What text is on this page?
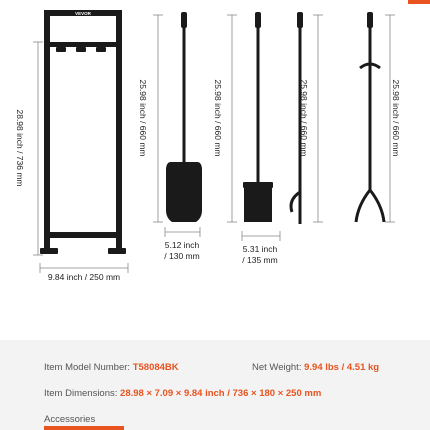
VEVOR
28.98 inch / 736 mm
9.84 inch / 250 mm
25.98 inch / 660 mm
5.12 inch
/ 130 mm
25.98 inch / 660 mm
5.31 inch
/ 135 mm
25.98 inch / 660 mm	25.98 inch / 660 mm
Item Model Number: T58084BK	Net Weight: 9.94 lbs / 4.51 kg
Item Dimensions: 28.98 × 7.09 × 9.84 inch / 736 × 180 × 250 mm
Accessories
